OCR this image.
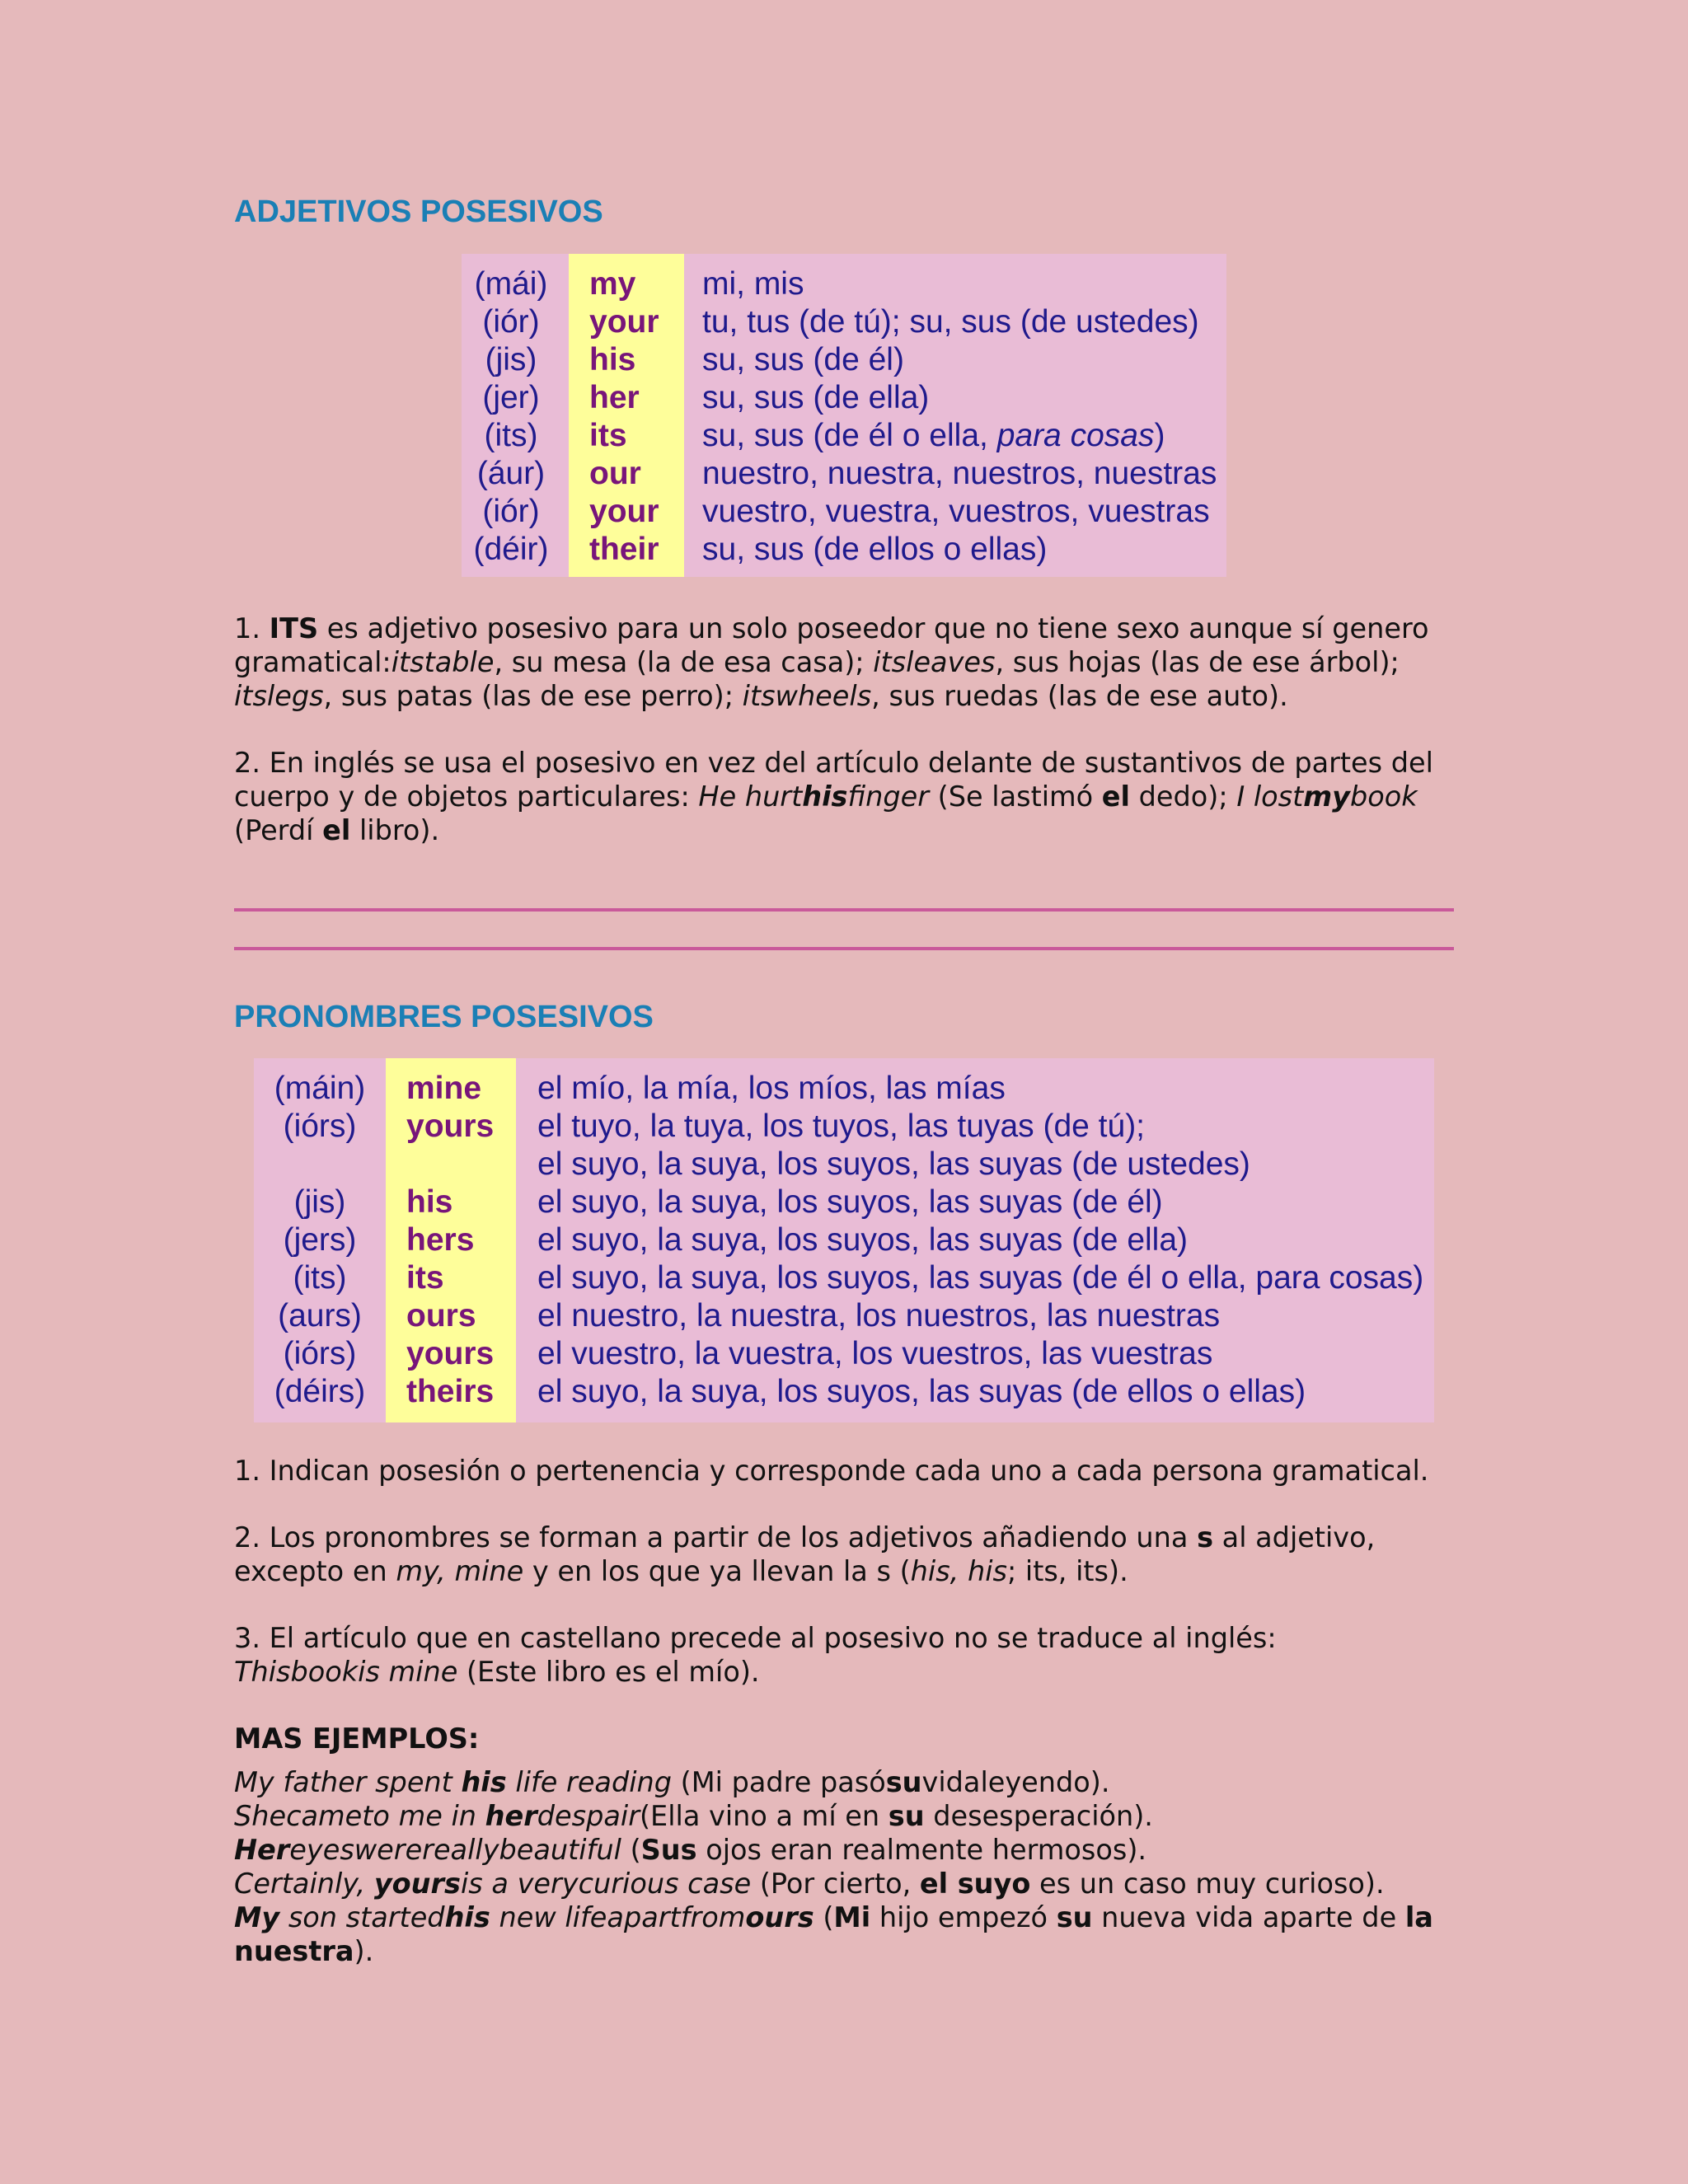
ADJETIVOS POSESIVOS
(mái)	my mi, mis
(iór)	your tu, tus (de tú); su, sus (de ustedes)
(jis)	his su, sus (de él)
(jer)	her su, sus (de ella)
(its)	its su, sus (de él o ella, para cosas)
(áur)	our nuestro, nuestra, nuestros, nuestras
(iór)	your vuestro, vuestra, vuestros, vuestras
(déir)	their su, sus (de ellos o ellas)

1. ITS es adjetivo posesivo para un solo poseedor que no tiene sexo aunque sí genero gramatical:itstable, su mesa (la de esa casa); itsleaves, sus hojas (las de ese árbol); itslegs, sus patas (las de ese perro); itswheels, sus ruedas (las de ese auto).

2. En inglés se usa el posesivo en vez del artículo delante de sustantivos de partes del cuerpo y de objetos particulares: He hurthisfinger (Se lastimó el dedo); I lostmybook (Perdí el libro).

PRONOMBRES POSESIVOS
(máin)	mine el mío, la mía, los míos, las mías
(iórs)	yours el tuyo, la tuya, los tuyos, las tuyas (de tú);
el suyo, la suya, los suyos, las suyas (de ustedes)
(jis)	his	el suyo, la suya, los suyos, las suyas (de él)
(jers)	hers el suyo, la suya, los suyos, las suyas (de ella)
(its)	its	el suyo, la suya, los suyos, las suyas (de él o ella, para cosas)
(aurs)	ours el nuestro, la nuestra, los nuestros, las nuestras
(iórs)	yours el vuestro, la vuestra, los vuestros, las vuestras
(déirs)	theirs el suyo, la suya, los suyos, las suyas (de ellos o ellas)

1. Indican posesión o pertenencia y corresponde cada uno a cada persona gramatical.

2. Los pronombres se forman a partir de los adjetivos añadiendo una s al adjetivo, excepto en my, mine y en los que ya llevan la s (his, his; its, its).

3. El artículo que en castellano precede al posesivo no se traduce al inglés:
Thisbookis mine (Este libro es el mío).

MAS EJEMPLOS:

My father spent his life reading (Mi padre pasósuvidaleyendo).

Shecameto me in herdespair(Ella vino a mí en su desesperación).

Hereyeswerereallybeautiful (Sus ojos eran realmente hermosos).

Certainly, yoursis a verycurious case (Por cierto, el suyo es un caso muy curioso).

My son startedhis new lifeapartfromours (Mi hijo empezó su nueva vida aparte de la nuestra).
